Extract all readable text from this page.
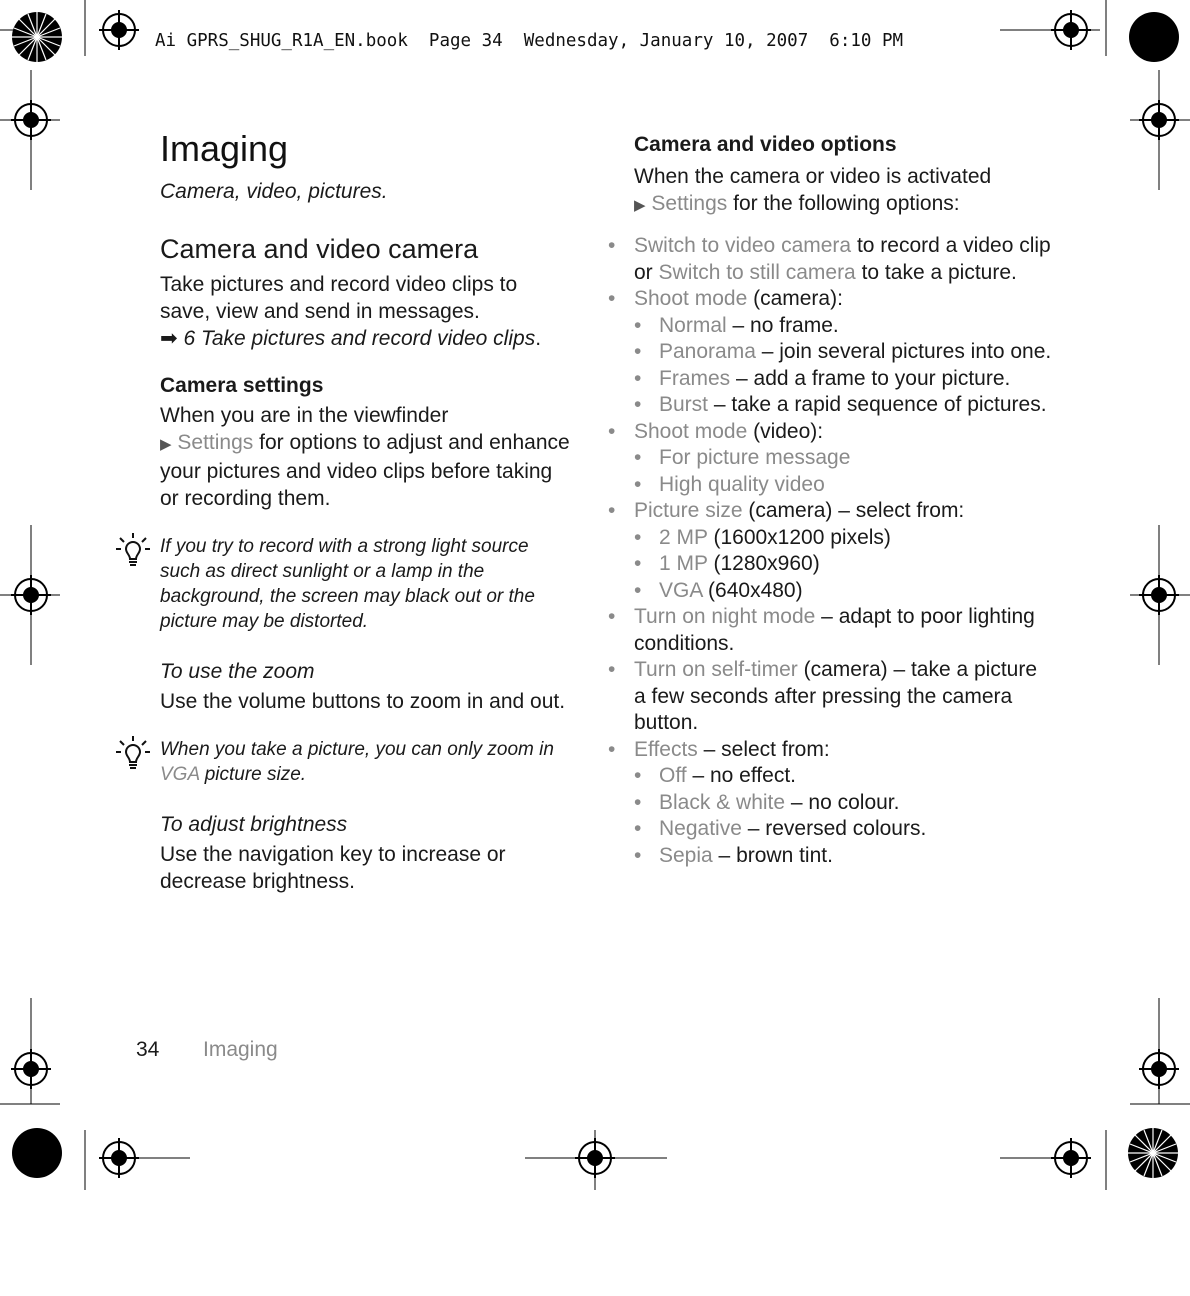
Ai GPRS_SHUG_R1A_EN.book  Page 34  Wednesday, January 10, 2007  6:10 PM
Imaging
Camera, video, pictures.
Camera and video camera
Take pictures and record video clips to save, view and send in messages.
➡ 6 Take pictures and record video clips.
Camera settings
When you are in the viewfinder
▶ Settings for options to adjust and enhance your pictures and video clips before taking or recording them.
If you try to record with a strong light source such as direct sunlight or a lamp in the background, the screen may black out or the picture may be distorted.
To use the zoom
Use the volume buttons to zoom in and out.
When you take a picture, you can only zoom in VGA picture size.
To adjust brightness
Use the navigation key to increase or decrease brightness.
Camera and video options
When the camera or video is activated
▶ Settings for the following options:
• Switch to video camera to record a video clip or Switch to still camera to take a picture.
• Shoot mode (camera):
• Normal – no frame.
• Panorama – join several pictures into one.
• Frames – add a frame to your picture.
• Burst – take a rapid sequence of pictures.
• Shoot mode (video):
• For picture message
• High quality video
• Picture size (camera) – select from:
• 2 MP (1600x1200 pixels)
• 1 MP (1280x960)
• VGA (640x480)
• Turn on night mode – adapt to poor lighting conditions.
• Turn on self-timer (camera) – take a picture a few seconds after pressing the camera button.
• Effects – select from:
• Off – no effect.
• Black & white – no colour.
• Negative – reversed colours.
• Sepia – brown tint.
34 Imaging
